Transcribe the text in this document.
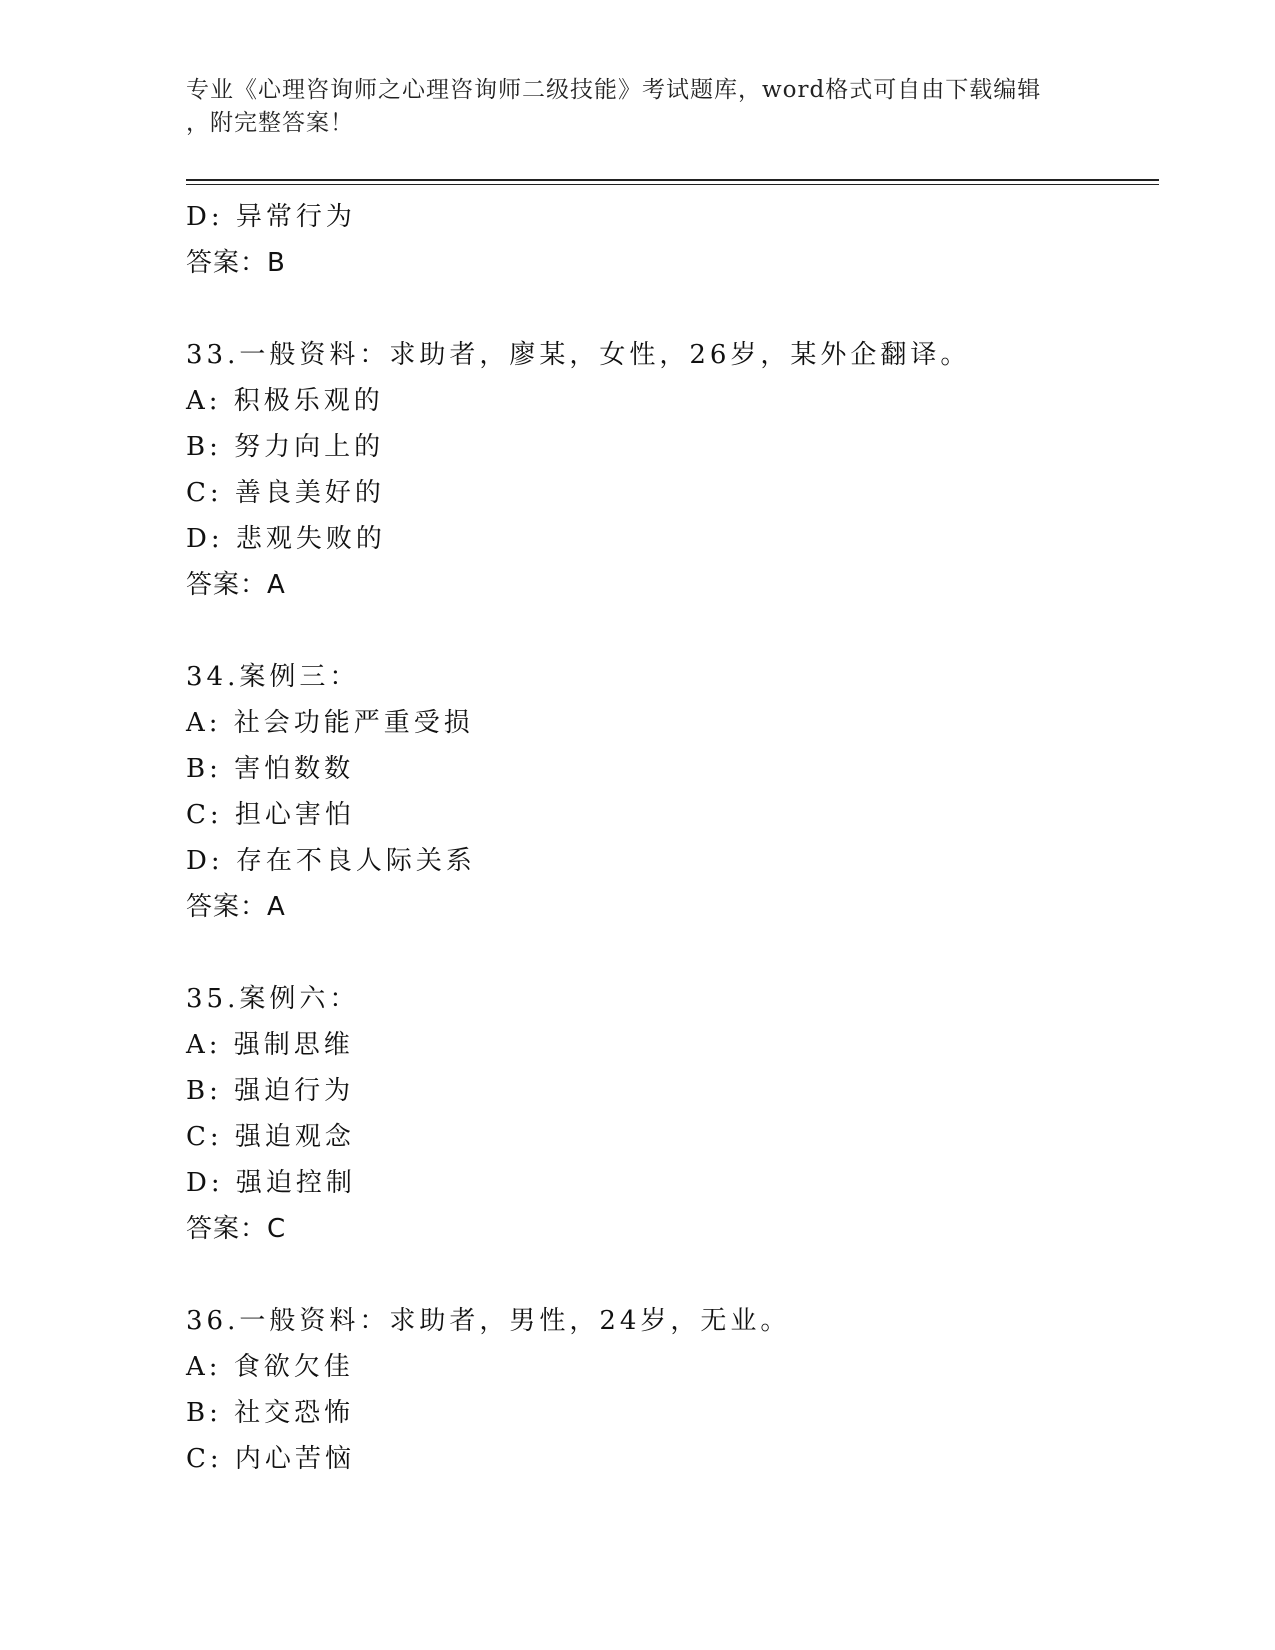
专业《心理咨询师之心理咨询师二级技能》考试题库，word格式可自由下载编辑
，附完整答案！
D: 异常行为
答案：B
33.一般资料：求助者，廖某，女性，26岁，某外企翻译。
A: 积极乐观的
B: 努力向上的
C: 善良美好的
D: 悲观失败的
答案：A
34.案例三：
A: 社会功能严重受损
B: 害怕数数
C: 担心害怕
D: 存在不良人际关系
答案：A
35.案例六：
A: 强制思维
B: 强迫行为
C: 强迫观念
D: 强迫控制
答案：C
36.一般资料：求助者，男性，24岁，无业。
A: 食欲欠佳
B: 社交恐怖
C: 内心苦恼
